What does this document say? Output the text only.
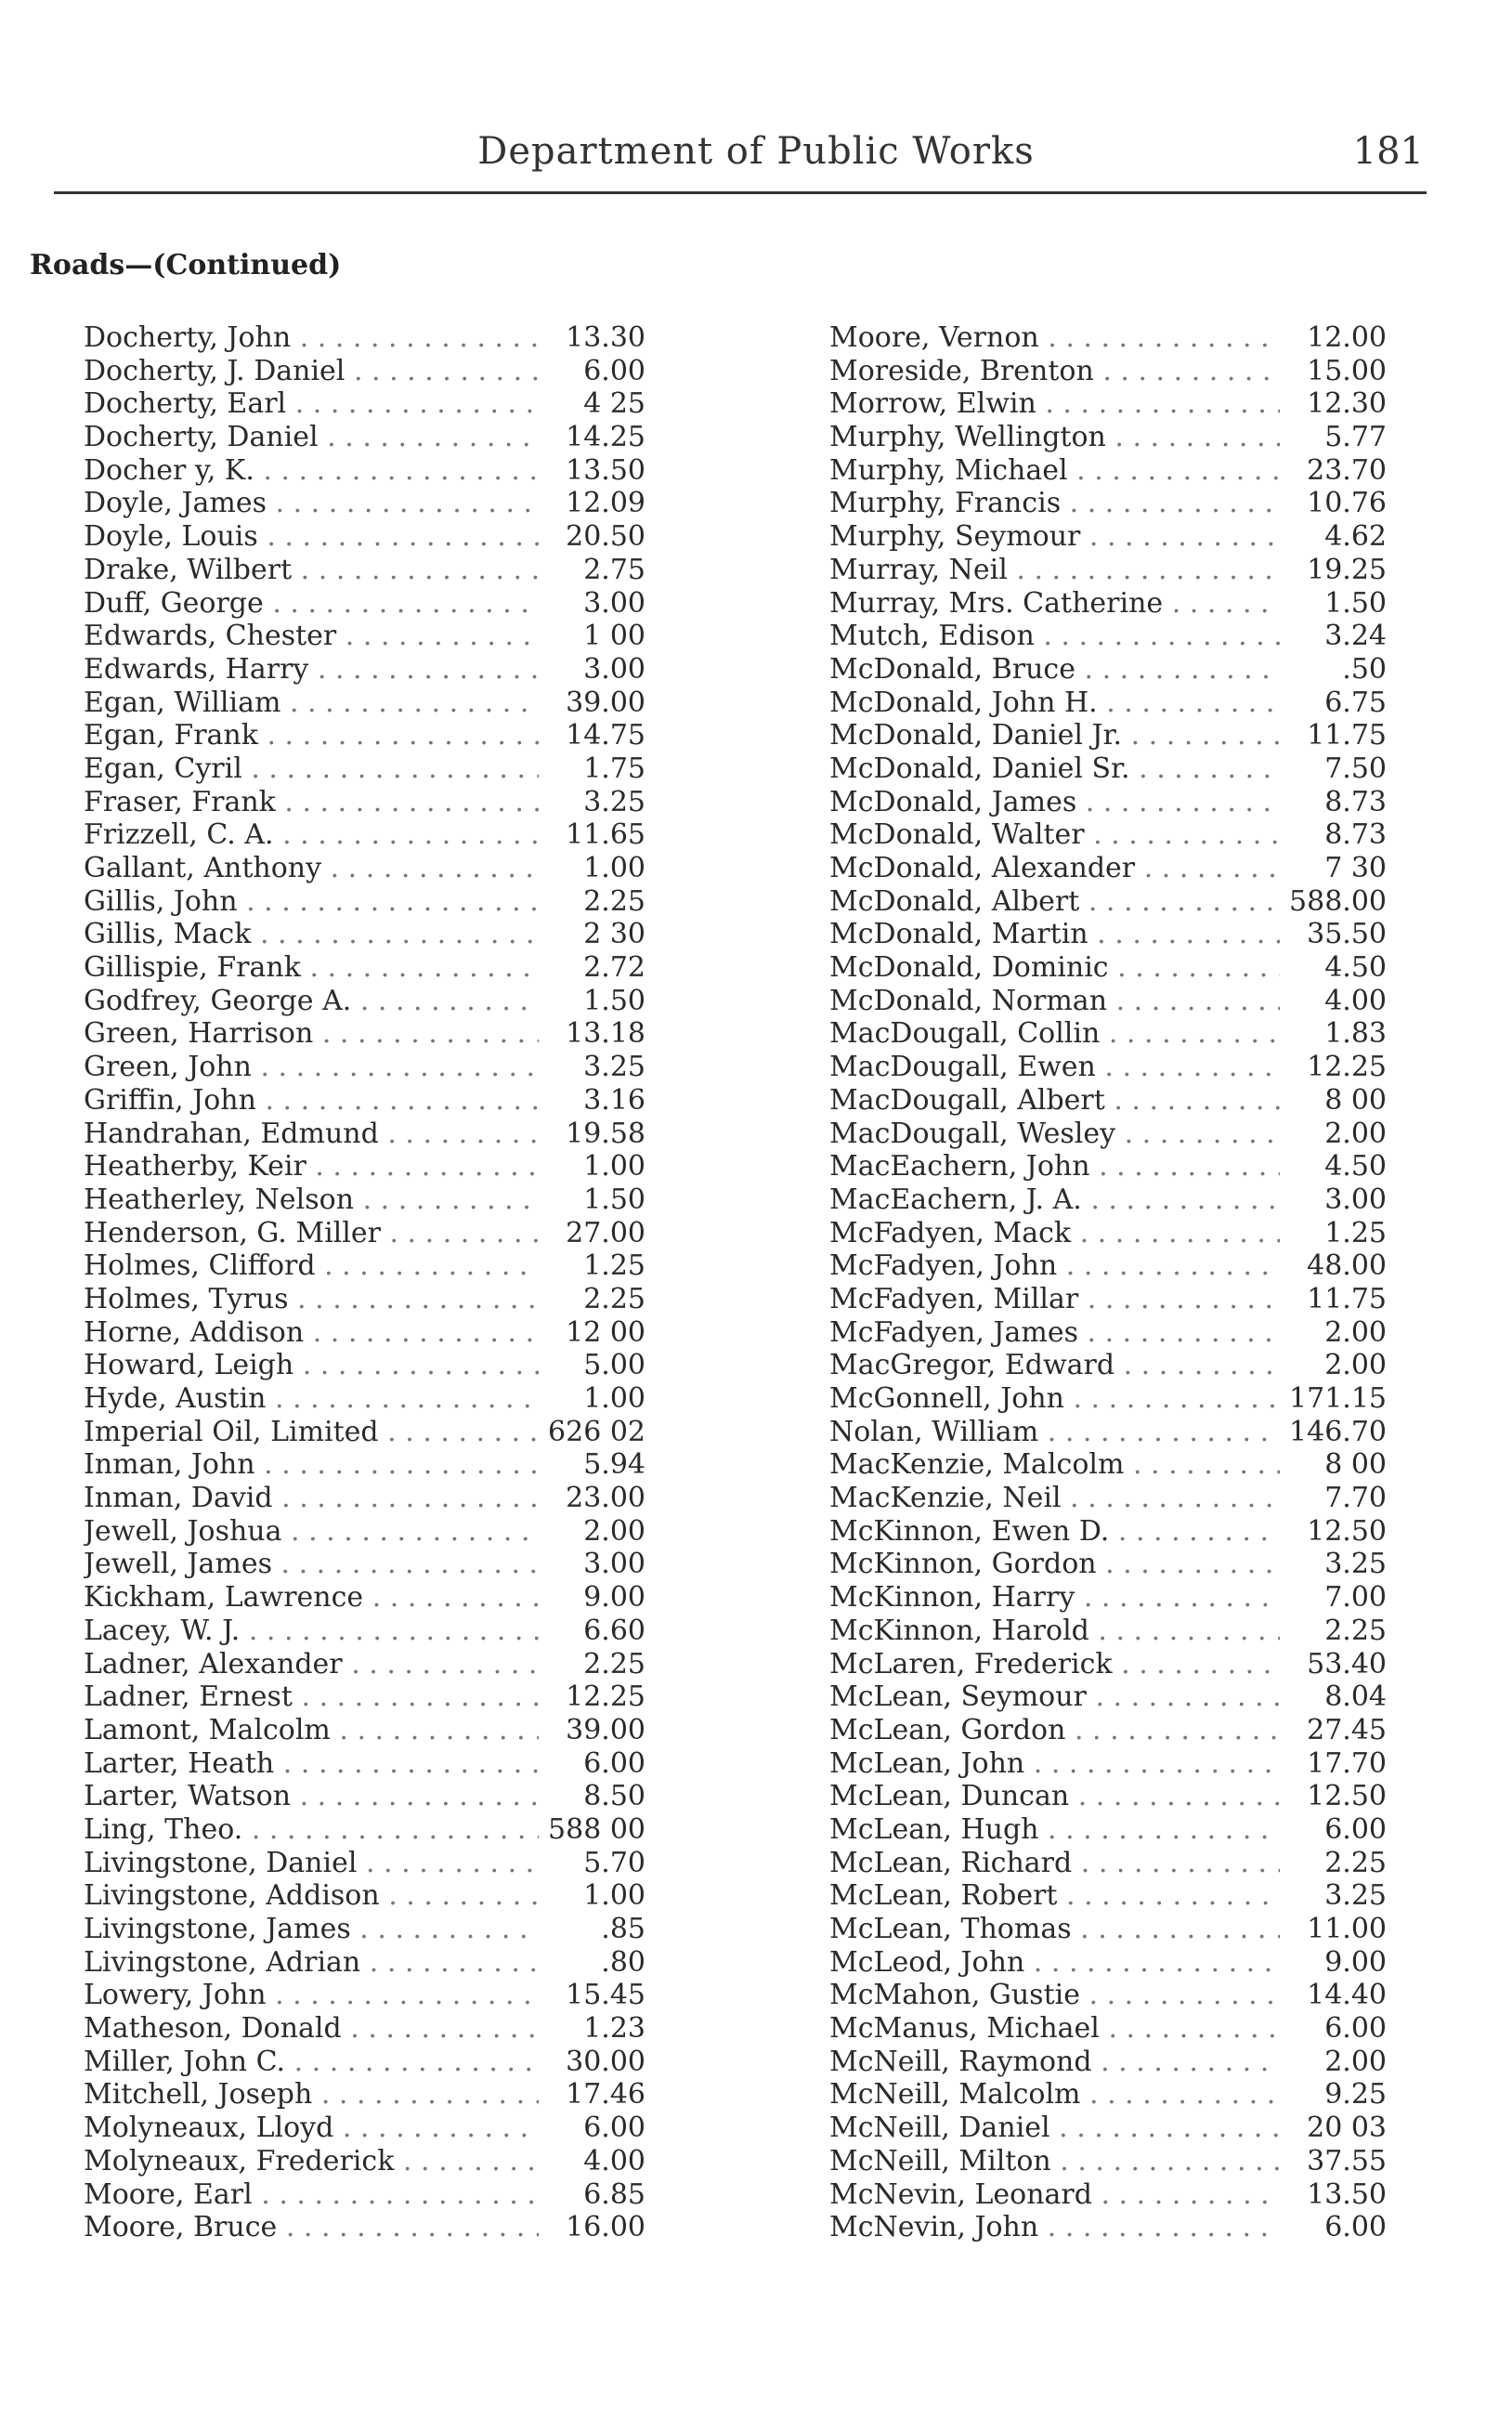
Department of Public Works	181
Roads—(Continued)
Docherty, John . . .	13.30
Docherty, J. Daniel . . .	6.00
Docherty, Earl . . .	4 25
Docherty, Daniel . . .	14.25
Docher y, K. . . .	13.50
Doyle, James . . .	12.09
Doyle, Louis . . .	20.50
Drake, Wilbert . . .	2.75
Duff, George . . .	3.00
Edwards, Chester . . .	1 00
Edwards, Harry . . .	3.00
Egan, William . . .	39.00
Egan, Frank . . .	14.75
Egan, Cyril . . .	1.75
Fraser, Frank . . .	3.25
Frizzell, C. A. . . .	11.65
Gallant, Anthony . . .	1.00
Gillis, John . . .	2.25
Gillis, Mack . . .	2 30
Gillispie, Frank . . .	2.72
Godfrey, George A. . . .	1.50
Green, Harrison . . .	13.18
Green, John . . .	3.25
Griffin, John . . .	3.16
Handrahan, Edmund . . .	19.58
Heatherby, Keir . . .	1.00
Heatherley, Nelson . . .	1.50
Henderson, G. Miller . . .	27.00
Holmes, Clifford . . .	1.25
Holmes, Tyrus . . .	2.25
Horne, Addison . . .	12 00
Howard, Leigh . . .	5.00
Hyde, Austin . . .	1.00
Imperial Oil, Limited . . .	626 02
Inman, John . . .	5.94
Inman, David . . .	23.00
Jewell, Joshua . . .	2.00
Jewell, James . . .	3.00
Kickham, Lawrence . . .	9.00
Lacey, W. J. . . .	6.60
Ladner, Alexander . . .	2.25
Ladner, Ernest . . .	12.25
Lamont, Malcolm . . .	39.00
Larter, Heath . . .	6.00
Larter, Watson . . .	8.50
Ling, Theo. . . .	588 00
Livingstone, Daniel . . .	5.70
Livingstone, Addison . . .	1.00
Livingstone, James . . .	.85
Livingstone, Adrian . . .	.80
Lowery, John . . .	15.45
Matheson, Donald . . .	1.23
Miller, John C. . . .	30.00
Mitchell, Joseph . . .	17.46
Molyneaux, Lloyd . . .	6.00
Molyneaux, Frederick . . .	4.00
Moore, Earl . . .	6.85
Moore, Bruce . . .	16.00
Moore, Vernon . . .	12.00
Moreside, Brenton . . .	15.00
Morrow, Elwin . . .	12.30
Murphy, Wellington . . .	5.77
Murphy, Michael . . .	23.70
Murphy, Francis . . .	10.76
Murphy, Seymour . . .	4.62
Murray, Neil . . .	19.25
Murray, Mrs. Catherine . . .	1.50
Mutch, Edison . . .	3.24
McDonald, Bruce . . .	.50
McDonald, John H. . . .	6.75
McDonald, Daniel Jr. . . .	11.75
McDonald, Daniel Sr. . . .	7.50
McDonald, James . . .	8.73
McDonald, Walter . . .	8.73
McDonald, Alexander . . .	7 30
McDonald, Albert . . .	588.00
McDonald, Martin . . .	35.50
McDonald, Dominic . . .	4.50
McDonald, Norman . . .	4.00
MacDougall, Collin . . .	1.83
MacDougall, Ewen . . .	12.25
MacDougall, Albert . . .	8 00
MacDougall, Wesley . . .	2.00
MacEachern, John . . .	4.50
MacEachern, J. A. . . .	3.00
McFadyen, Mack . . .	1.25
McFadyen, John . . .	48.00
McFadyen, Millar . . .	11.75
McFadyen, James . . .	2.00
MacGregor, Edward . . .	2.00
McGonnell, John . . .	171.15
Nolan, William . . .	146.70
MacKenzie, Malcolm . . .	8 00
MacKenzie, Neil . . .	7.70
McKinnon, Ewen D. . . .	12.50
McKinnon, Gordon . . .	3.25
McKinnon, Harry . . .	7.00
McKinnon, Harold . . .	2.25
McLaren, Frederick . . .	53.40
McLean, Seymour . . .	8.04
McLean, Gordon . . .	27.45
McLean, John . . .	17.70
McLean, Duncan . . .	12.50
McLean, Hugh . . .	6.00
McLean, Richard . . .	2.25
McLean, Robert . . .	3.25
McLean, Thomas . . .	11.00
McLeod, John . . .	9.00
McMahon, Gustie . . .	14.40
McManus, Michael . . .	6.00
McNeill, Raymond . . .	2.00
McNeill, Malcolm . . .	9.25
McNeill, Daniel . . .	20 03
McNeill, Milton . . .	37.55
McNevin, Leonard . . .	13.50
McNevin, John . . .	6.00
